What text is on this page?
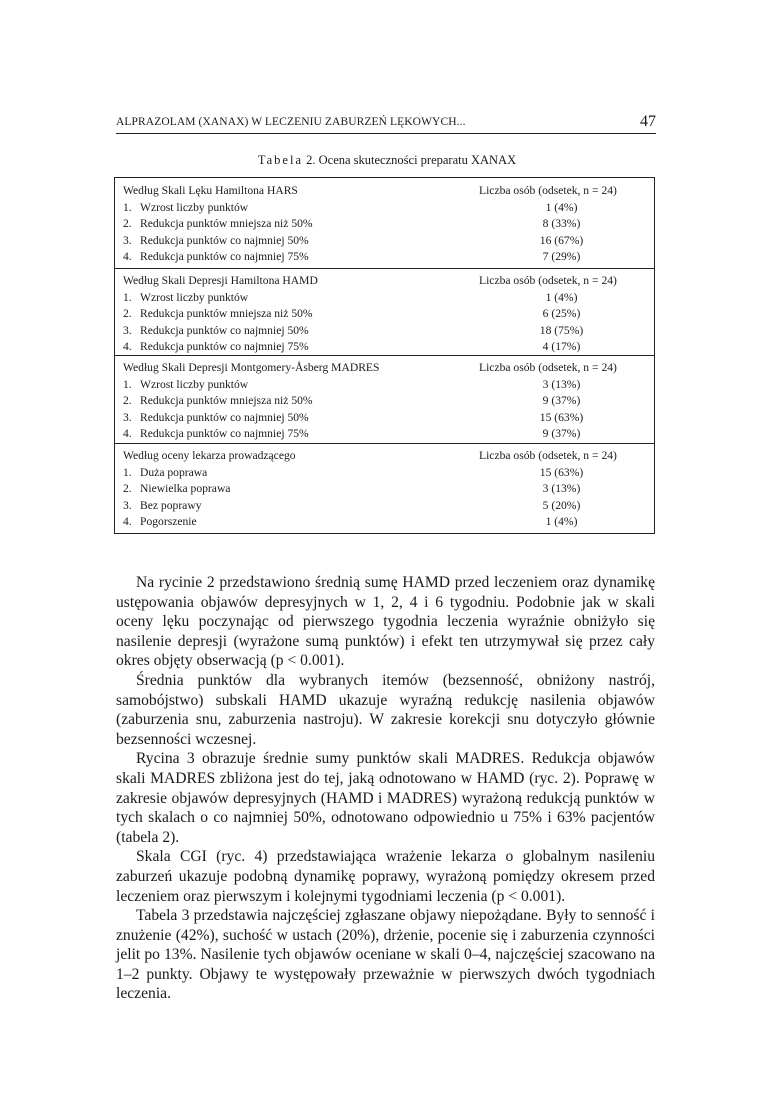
ALPRAZOLAM (XANAX) W LECZENIU ZABURZEŃ LĘKOWYCH...	47
Tabela 2. Ocena skuteczności preparatu XANAX
Według Skali Lęku Hamiltona HARS	Liczba osób (odsetek, n = 24)
1. Wzrost liczby punktów	1 (4%)
2. Redukcja punktów mniejsza niż 50%	8 (33%)
3. Redukcja punktów co najmniej 50%	16 (67%)
4. Redukcja punktów co najmniej 75%	7 (29%)
Według Skali Depresji Hamiltona HAMD	Liczba osób (odsetek, n = 24)
1. Wzrost liczby punktów	1 (4%)
2. Redukcja punktów mniejsza niż 50%	6 (25%)
3. Redukcja punktów co najmniej 50%	18 (75%)
4. Redukcja punktów co najmniej 75%	4 (17%)
Według Skali Depresji Montgomery-Åsberg MADRES	Liczba osób (odsetek, n = 24)
1. Wzrost liczby punktów	3 (13%)
2. Redukcja punktów mniejsza niż 50%	9 (37%)
3. Redukcja punktów co najmniej 50%	15 (63%)
4. Redukcja punktów co najmniej 75%	9 (37%)
Według oceny lekarza prowadzącego	Liczba osób (odsetek, n = 24)
1. Duża poprawa	15 (63%)
2. Niewielka poprawa	3 (13%)
3. Bez poprawy	5 (20%)
4. Pogorszenie	1 (4%)

Na rycinie 2 przedstawiono średnią sumę HAMD przed leczeniem oraz dynamikę ustępowania objawów depresyjnych w 1, 2, 4 i 6 tygodniu. Podobnie jak w skali oceny lęku poczynając od pierwszego tygodnia leczenia wyraźnie obniżyło się nasilenie depresji (wyrażone sumą punktów) i efekt ten utrzymywał się przez cały okres objęty obserwacją (p < 0.001).

Średnia punktów dla wybranych itemów (bezsenność, obniżony nastrój, samobójstwo) subskali HAMD ukazuje wyraźną redukcję nasilenia objawów (zaburzenia snu, zaburzenia nastroju). W zakresie korekcji snu dotyczyło głównie bezsenności wczesnej.

Rycina 3 obrazuje średnie sumy punktów skali MADRES. Redukcja objawów skali MADRES zbliżona jest do tej, jaką odnotowano w HAMD (ryc. 2). Poprawę w zakresie objawów depresyjnych (HAMD i MADRES) wyrażoną redukcją punktów w tych skalach o co najmniej 50%, odnotowano odpowiednio u 75% i 63% pacjentów (tabela 2).

Skala CGI (ryc. 4) przedstawiająca wrażenie lekarza o globalnym nasileniu zaburzeń ukazuje podobną dynamikę poprawy, wyrażoną pomiędzy okresem przed leczeniem oraz pierwszym i kolejnymi tygodniami leczenia (p < 0.001).

Tabela 3 przedstawia najczęściej zgłaszane objawy niepożądane. Były to senność i znużenie (42%), suchość w ustach (20%), drżenie, pocenie się i zaburzenia czynności jelit po 13%. Nasilenie tych objawów oceniane w skali 0–4, najczęściej szacowano na 1–2 punkty. Objawy te występowały przeważnie w pierwszych dwóch tygodniach leczenia.
